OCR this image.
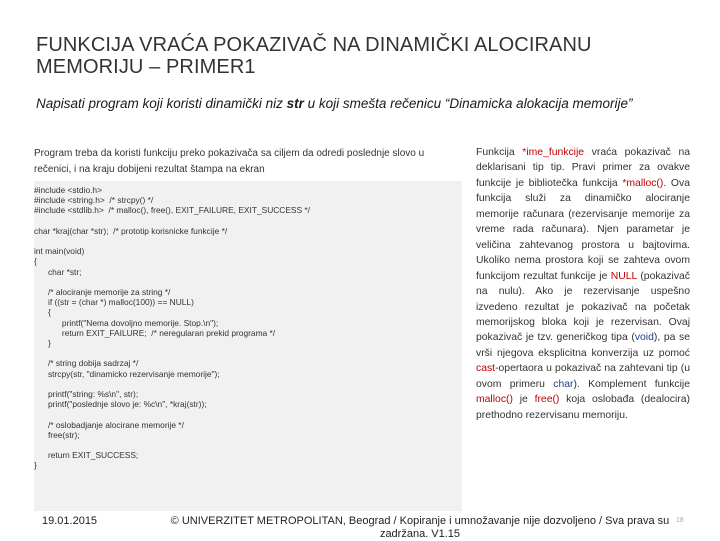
FUNKCIJA VRAĆA POKAZIVAČ NA DINAMIČKI ALOCIRANU
MEMORIJU – PRIMER1
Napisati program koji koristi dinamički niz str u koji smešta rečenicu “Dinamicka alokacija memorije”
Program treba da koristi funkciju preko pokazivača sa ciljem da odredi poslednje slovo u rečenici, i na kraju dobijeni rezultat štampa na ekran
#include <stdio.h>
#include <string.h>  /* strcpy() */
#include <stdlib.h>  /* malloc(), free(), EXIT_FAILURE, EXIT_SUCCESS */

char *kraj(char *str);  /* prototip korisnicke funkcije */

int main(void)
{
char *str;

/* alociranje memorije za string */
if ((str = (char *) malloc(100)) == NULL)
{
printf("Nema dovoljno memorije. Stop.\n");
return EXIT_FAILURE;  /* neregularan prekid programa */
}

/* string dobija sadrzaj */
strcpy(str, "dinamicko rezervisanje memorije");

printf("string: %s\n", str);
printf("poslednje slovo je: %c\n", *kraj(str));

/* oslobadjanje alocirane memorije */
free(str);

return EXIT_SUCCESS;
}
Funkcija *ime_funkcije vraća pokazivač na deklarisani tip tip. Pravi primer za ovakve funkcije je bibliotečka funkcija *malloc(). Ova funkcija služi za dinamičko alociranje memorije računara (rezervisanje memorije za vreme rada računara). Njen parametar je veličina zahtevanog prostora u bajtovima. Ukoliko nema prostora koji se zahteva ovom funkcijom rezultat funkcije je NULL (pokazivač na nulu). Ako je rezervisanje uspešno izvedeno rezultat je pokazivač na početak memorijskog bloka koji je rezervisan. Ovaj pokazivač je tzv. generičkog tipa (void), pa se vrši njegova eksplicitna konverzija uz pomoć cast-opertaora u pokazivač na zahtevani tip (u ovom primeru char). Komplement funkcije malloc() je free() koja oslobađa (dealocira) prethodno rezervisanu memoriju.
19.01.2015	© UNIVERZITET METROPOLITAN, Beograd / Kopiranje i umnožavanje nije dozvoljeno / Sva prava su zadržana. V1.15
18
